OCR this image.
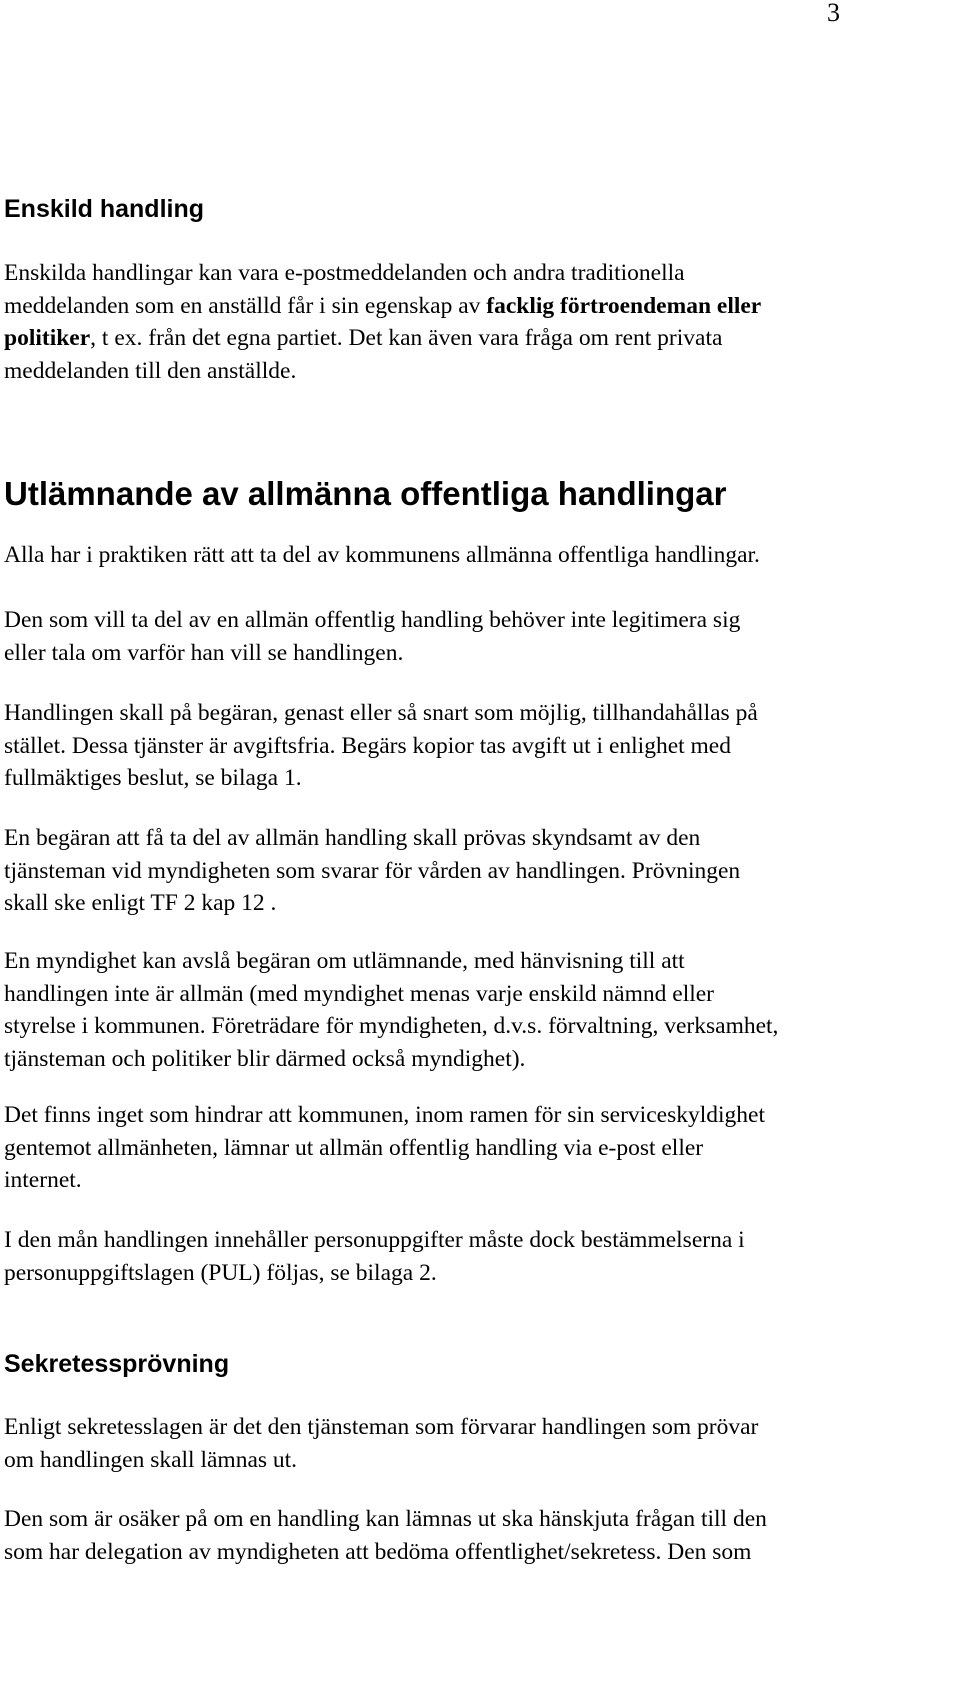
3
Enskild handling

Enskilda handlingar kan vara e-postmeddelanden och andra traditionella
meddelanden som en anställd får i sin egenskap av facklig förtroendeman eller
politiker, t ex. från det egna partiet. Det kan även vara fråga om rent privata
meddelanden till den anställde.

Utlämnande av allmänna offentliga handlingar

Alla har i praktiken rätt att ta del av kommunens allmänna offentliga handlingar.

Den som vill ta del av en allmän offentlig handling behöver inte legitimera sig
eller tala om varför han vill se handlingen.

Handlingen skall på begäran, genast eller så snart som möjlig, tillhandahållas på
stället. Dessa tjänster är avgiftsfria. Begärs kopior tas avgift ut i enlighet med
fullmäktiges beslut, se bilaga 1.

En begäran att få ta del av allmän handling skall prövas skyndsamt av den
tjänsteman vid myndigheten som svarar för vården av handlingen. Prövningen
skall ske enligt TF 2 kap 12 .

En myndighet kan avslå begäran om utlämnande, med hänvisning till att
handlingen inte är allmän (med myndighet menas varje enskild nämnd eller
styrelse i kommunen. Företrädare för myndigheten, d.v.s. förvaltning, verksamhet,
tjänsteman och politiker blir därmed också myndighet).

Det finns inget som hindrar att kommunen, inom ramen för sin serviceskyldighet
gentemot allmänheten, lämnar ut allmän offentlig handling via e-post eller
internet.

I den mån handlingen innehåller personuppgifter måste dock bestämmelserna i
personuppgiftslagen (PUL) följas, se bilaga 2.

Sekretessprövning

Enligt sekretesslagen är det den tjänsteman som förvarar handlingen som prövar
om handlingen skall lämnas ut.

Den som är osäker på om en handling kan lämnas ut ska hänskjuta frågan till den
som har delegation av myndigheten att bedöma offentlighet/sekretess. Den som
